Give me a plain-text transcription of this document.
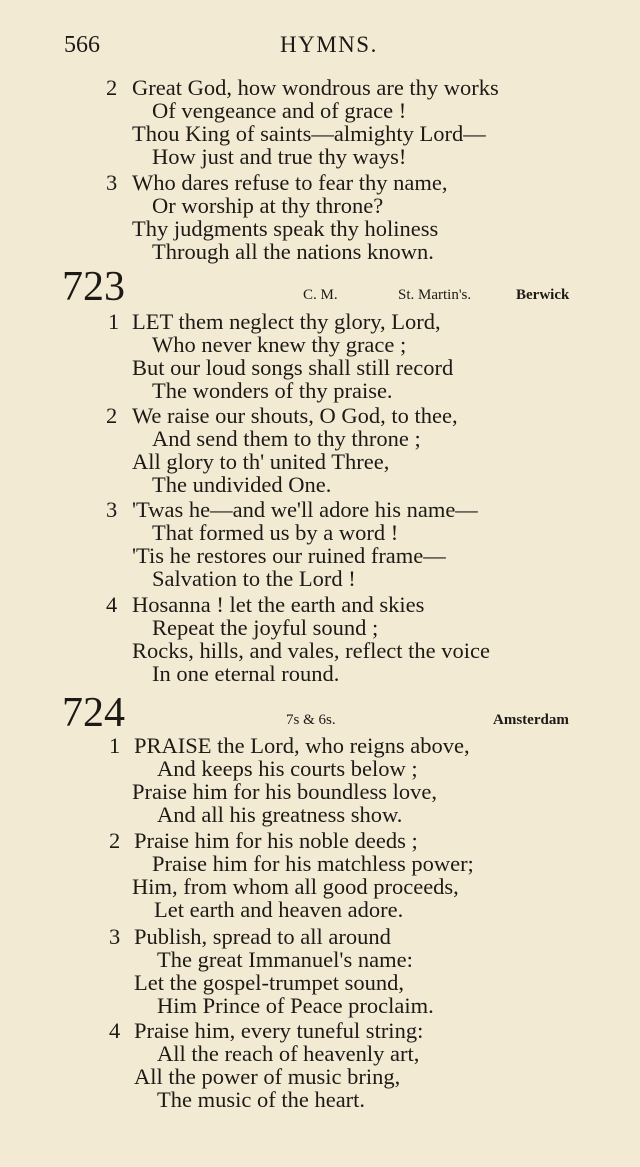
566	HYMNS.
2 Great God, how wondrous are thy works
Of vengeance and of grace !
Thou King of saints—almighty Lord—
How just and true thy ways!
3 Who dares refuse to fear thy name,
Or worship at thy throne?
Thy judgments speak thy holiness
Through all the nations known.
723	C. M.	St. Martin's.	Berwick
1 LET them neglect thy glory, Lord,
Who never knew thy grace ;
But our loud songs shall still record
The wonders of thy praise.
2 We raise our shouts, O God, to thee,
And send them to thy throne ;
All glory to th' united Three,
The undivided One.
3 'Twas he—and we'll adore his name—
That formed us by a word !
'Tis he restores our ruined frame—
Salvation to the Lord !
4 Hosanna ! let the earth and skies
Repeat the joyful sound ;
Rocks, hills, and vales, reflect the voice
In one eternal round.
724	7s & 6s.	Amsterdam
1 PRAISE the Lord, who reigns above,
And keeps his courts below ;
Praise him for his boundless love,
And all his greatness show.
2 Praise him for his noble deeds ;
Praise him for his matchless power;
Him, from whom all good proceeds,
Let earth and heaven adore.
3 Publish, spread to all around
The great Immanuel's name:
Let the gospel-trumpet sound,
Him Prince of Peace proclaim.
4 Praise him, every tuneful string:
All the reach of heavenly art,
All the power of music bring,
The music of the heart.
